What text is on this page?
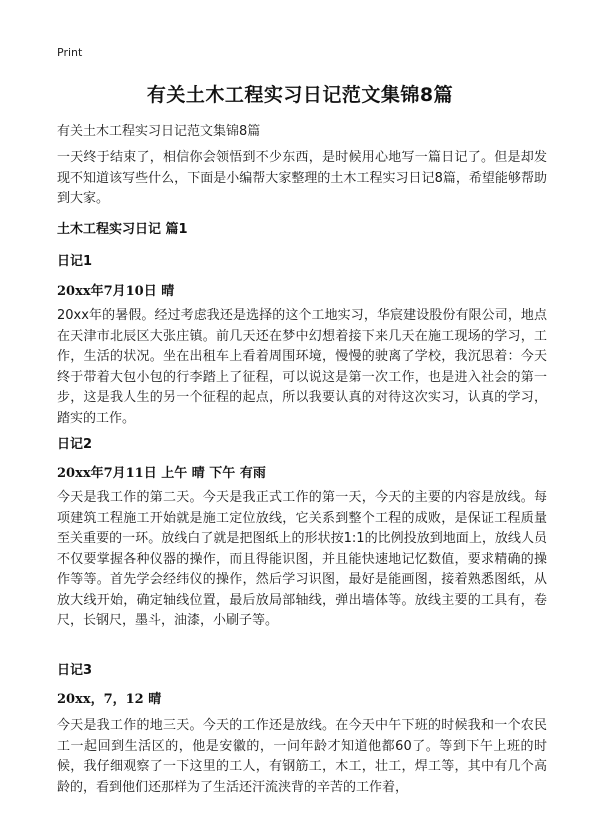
Print
有关土木工程实习日记范文集锦8篇
有关土木工程实习日记范文集锦8篇
一天终于结束了，相信你会领悟到不少东西，是时候用心地写一篇日记了。但是却发现不知道该写些什么，下面是小编帮大家整理的土木工程实习日记8篇，希望能够帮助到大家。
土木工程实习日记 篇1
日记1
20xx年7月10日 晴
20xx年的暑假。经过考虑我还是选择的这个工地实习，华宸建设股份有限公司，地点在天津市北辰区大张庄镇。前几天还在梦中幻想着接下来几天在施工现场的学习，工作，生活的状况。坐在出租车上看着周围环境，慢慢的驶离了学校，我沉思着：今天终于带着大包小包的行李踏上了征程，可以说这是第一次工作，也是进入社会的第一步，这是我人生的另一个征程的起点，所以我要认真的对待这次实习，认真的学习，踏实的工作。
日记2
20xx年7月11日 上午 晴 下午 有雨
今天是我工作的第二天。今天是我正式工作的第一天，今天的主要的内容是放线。每项建筑工程施工开始就是施工定位放线，它关系到整个工程的成败，是保证工程质量至关重要的一环。放线白了就是把图纸上的形状按1:1的比例投放到地面上，放线人员不仅要掌握各种仪器的操作，而且得能识图，并且能快速地记忆数值，要求精确的操作等等。首先学会经纬仪的操作，然后学习识图，最好是能画图，接着熟悉图纸，从放大线开始，确定轴线位置，最后放局部轴线，弹出墙体等。放线主要的工具有，卷尺，长钢尺，墨斗，油漆，小刷子等。
日记3
20xx，7，12 晴
今天是我工作的地三天。今天的工作还是放线。在今天中午下班的时候我和一个农民工一起回到生活区的，他是安徽的，一问年龄才知道他都60了。等到下午上班的时候，我仔细观察了一下这里的工人，有钢筋工，木工，壮工，焊工等，其中有几个高龄的，看到他们还那样为了生活还汗流浃背的辛苦的工作着，
